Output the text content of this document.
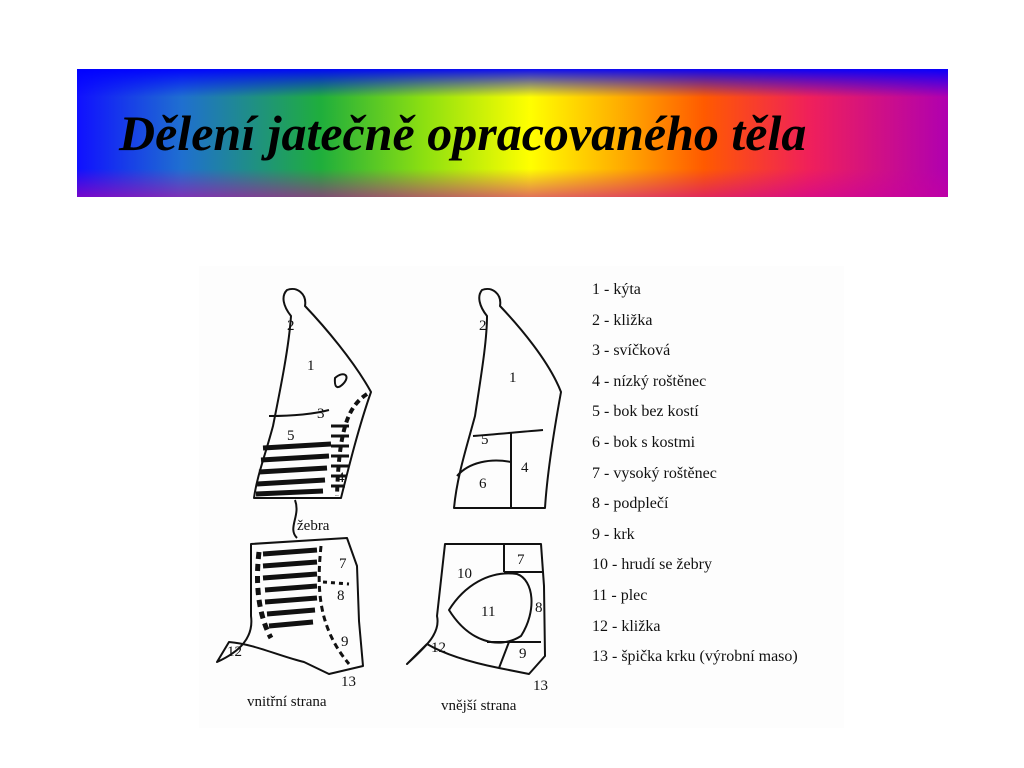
Dělení jatečně opracovaného těla
2
1
3
5
4
žebra
2
1
5
4
6
7
8
9
12
13
vnitřní strana
7
10
11	8
12	9
13
vnější strana
1 - kýta
2 - kližka
3 - svíčková
4 - nízký roštěnec
5 - bok bez kostí
6 - bok s kostmi
7 - vysoký roštěnec
8 - podplečí
9 - krk
10 - hrudí se žebry
11 - plec
12 - kližka
13 - špička krku (výrobní maso)
